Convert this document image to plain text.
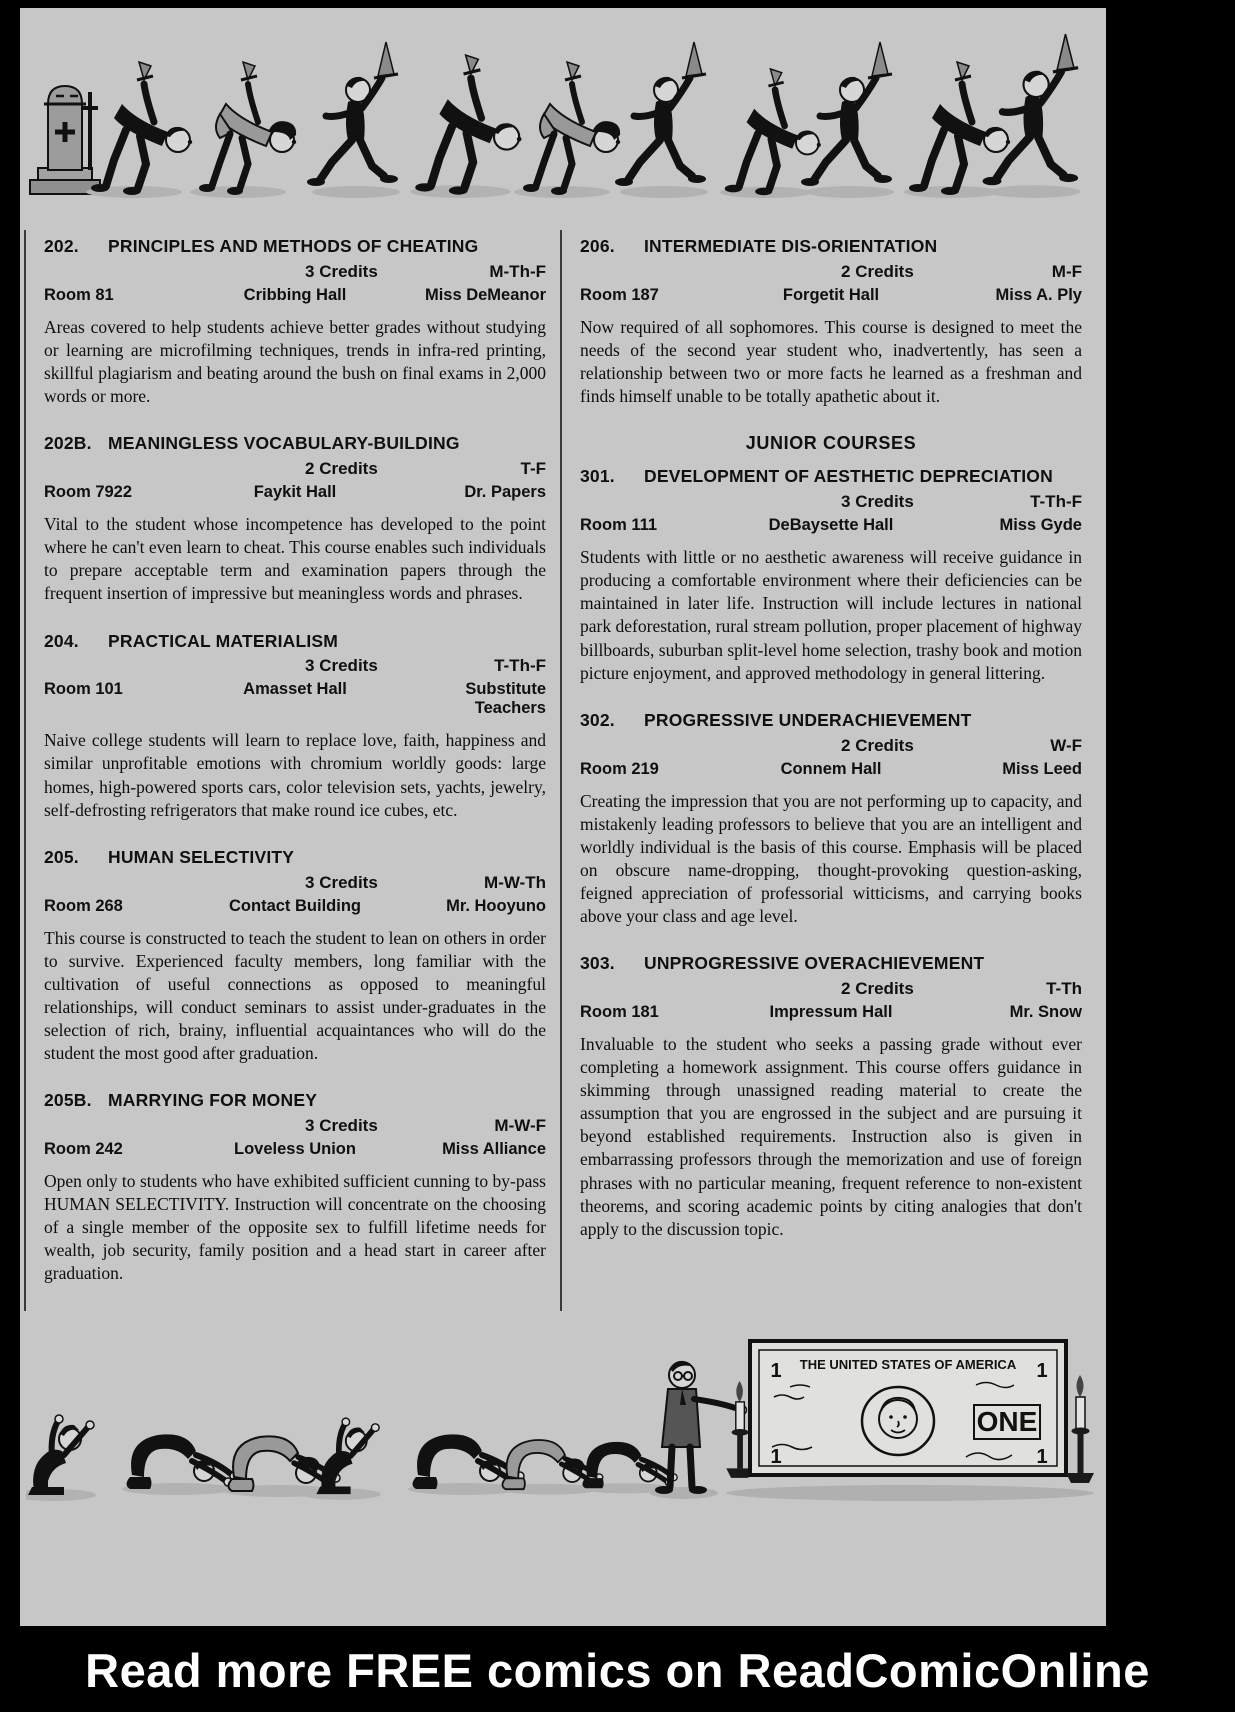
202.	PRINCIPLES AND METHODS OF CHEATING
3 Credits	M-Th-F
Room 81	Cribbing Hall	Miss DeMeanor

Areas covered to help students achieve better grades without studying or learning are microfilming techniques, trends in infra-red printing, skillful plagiarism and beating around the bush on final exams in 2,000 words or more.

202B. MEANINGLESS VOCABULARY-BUILDING
2 Credits	T-F
Room 7922	Faykit Hall	Dr. Papers

Vital to the student whose incompetence has developed to the point where he can't even learn to cheat. This course enables such individuals to prepare acceptable term and examination papers through the frequent insertion of impressive but meaningless words and phrases.

204.	PRACTICAL MATERIALISM
3 Credits	T-Th-F
Room 101	Amasset Hall	Substitute Teachers

Naive college students will learn to replace love, faith, happiness and similar unprofitable emotions with chromium worldly goods: large homes, high-powered sports cars, color television sets, yachts, jewelry, self-defrosting refrigerators that make round ice cubes, etc.

205.	HUMAN SELECTIVITY
3 Credits	M-W-Th
Room 268	Contact Building	Mr. Hooyuno

This course is constructed to teach the student to lean on others in order to survive. Experienced faculty members, long familiar with the cultivation of useful connections as opposed to meaningful relationships, will conduct seminars to assist under-graduates in the selection of rich, brainy, influential acquaintances who will do the student the most good after graduation.

205B. MARRYING FOR MONEY
3 Credits	M-W-F
Room 242	Loveless Union	Miss Alliance

Open only to students who have exhibited sufficient cunning to by-pass HUMAN SELECTIVITY. Instruction will concentrate on the choosing of a single member of the opposite sex to fulfill lifetime needs for wealth, job security, family position and a head start in career after graduation.

206.	INTERMEDIATE DIS-ORIENTATION
2 Credits	M-F
Room 187	Forgetit Hall	Miss A. Ply

Now required of all sophomores. This course is designed to meet the needs of the second year student who, inadvertently, has seen a relationship between two or more facts he learned as a freshman and finds himself unable to be totally apathetic about it.

JUNIOR COURSES
301.	DEVELOPMENT OF AESTHETIC DEPRECIATION
3 Credits	T-Th-F
Room 111	DeBaysette Hall	Miss Gyde

Students with little or no aesthetic awareness will receive guidance in producing a comfortable environment where their deficiencies can be maintained in later life. Instruction will include lectures in national park deforestation, rural stream pollution, proper placement of highway billboards, suburban split-level home selection, trashy book and motion picture enjoyment, and approved methodology in general littering.

302.	PROGRESSIVE UNDERACHIEVEMENT
2 Credits	W-F
Room 219	Connem Hall	Miss Leed

Creating the impression that you are not performing up to capacity, and mistakenly leading professors to believe that you are an intelligent and worldly individual is the basis of this course. Emphasis will be placed on obscure name-dropping, thought-provoking question-asking, feigned appreciation of professorial witticisms, and carrying books above your class and age level.

303.	UNPROGRESSIVE OVERACHIEVEMENT
2 Credits	T-Th
Room 181	Impressum Hall	Mr. Snow

Invaluable to the student who seeks a passing grade without ever completing a homework assignment. This course offers guidance in skimming through unassigned reading material to create the assumption that you are engrossed in the subject and are pursuing it beyond established requirements. Instruction also is given in embarrassing professors through the memorization and use of foreign phrases with no particular meaning, frequent reference to non-existent theorems, and scoring academic points by citing analogies that don't apply to the discussion topic.

THE UNITED STATES OF AMERICA
1	1
1	1
ONE
Read more FREE comics on ReadComicOnline
